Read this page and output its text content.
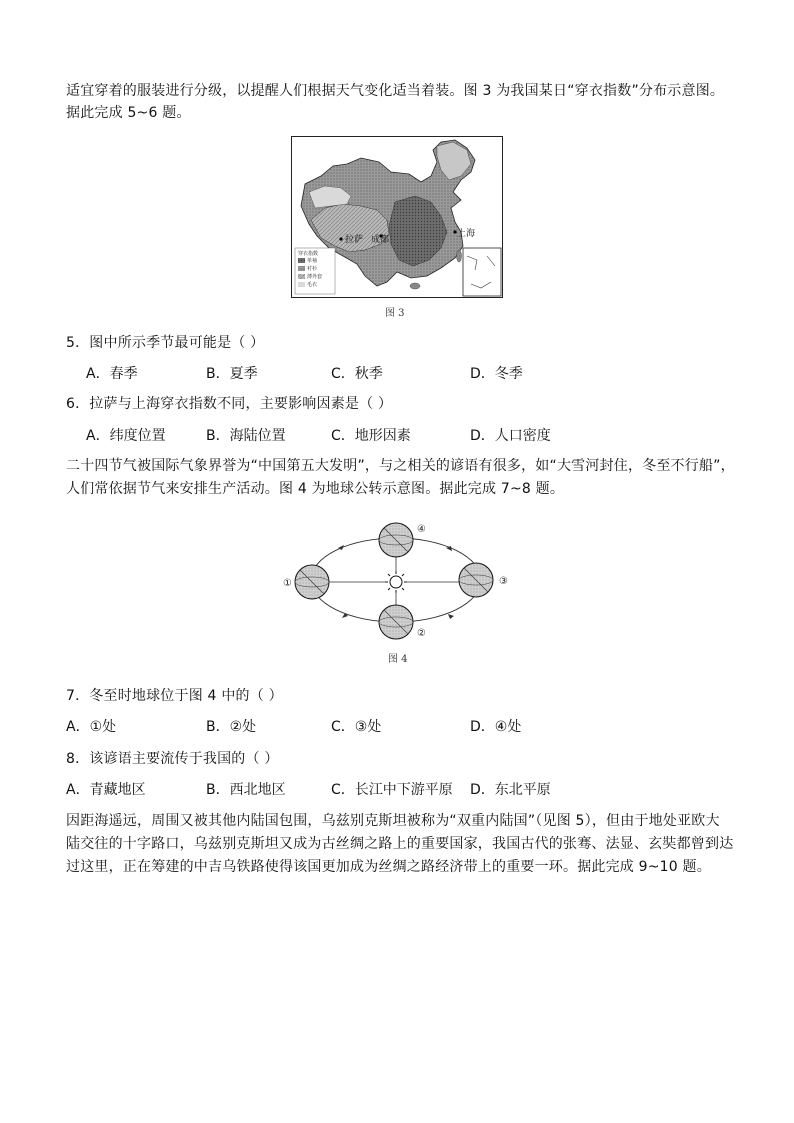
适宜穿着的服装进行分级，以提醒人们根据天气变化适当着装。图 3 为我国某日“穿衣指数”分布示意图。
据此完成 5~6 题。
拉萨 成都
上海
穿衣指数
单袖
衬衫
薄外套
毛衣
图 3
5．图中所示季节最可能是（ ）
A．春季	B．夏季	C．秋季	D．冬季
6．拉萨与上海穿衣指数不同，主要影响因素是（ ）
A．纬度位置	B．海陆位置	C．地形因素	D．人口密度
二十四节气被国际气象界誉为“中国第五大发明”，与之相关的谚语有很多，如“大雪河封住，冬至不行船”，
人们常依据节气来安排生产活动。图 4 为地球公转示意图。据此完成 7~8 题。
①
②
③
④
图 4
7．冬至时地球位于图 4 中的（ ）
A．①处	B．②处	C．③处	D．④处
8．该谚语主要流传于我国的（ ）
A．青藏地区	B．西北地区	C．长江中下游平原 D．东北平原
因距海遥远，周围又被其他内陆国包围，乌兹别克斯坦被称为“双重内陆国”（见图 5），但由于地处亚欧大
陆交往的十字路口，乌兹别克斯坦又成为古丝绸之路上的重要国家，我国古代的张骞、法显、玄奘都曾到达
过这里，正在筹建的中吉乌铁路使得该国更加成为丝绸之路经济带上的重要一环。据此完成 9~10 题。
